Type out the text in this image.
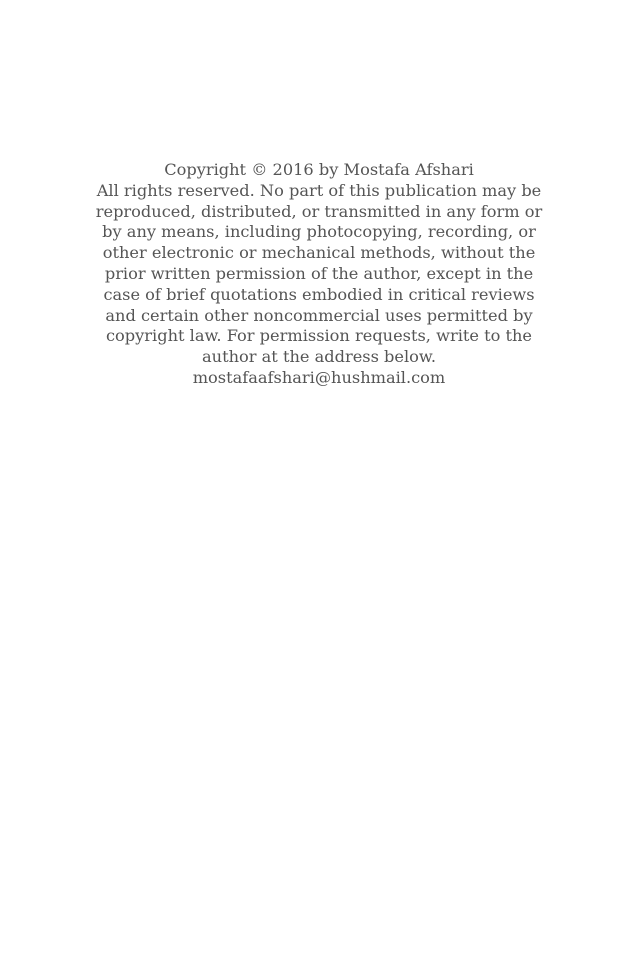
Copyright © 2016 by Mostafa Afshari
All rights reserved. No part of this publication may be
reproduced, distributed, or transmitted in any form or
by any means, including photocopying, recording, or
other electronic or mechanical methods, without the
prior written permission of the author, except in the
case of brief quotations embodied in critical reviews
and certain other noncommercial uses permitted by
copyright law. For permission requests, write to the
author at the address below.
mostafaafshari@hushmail.com
